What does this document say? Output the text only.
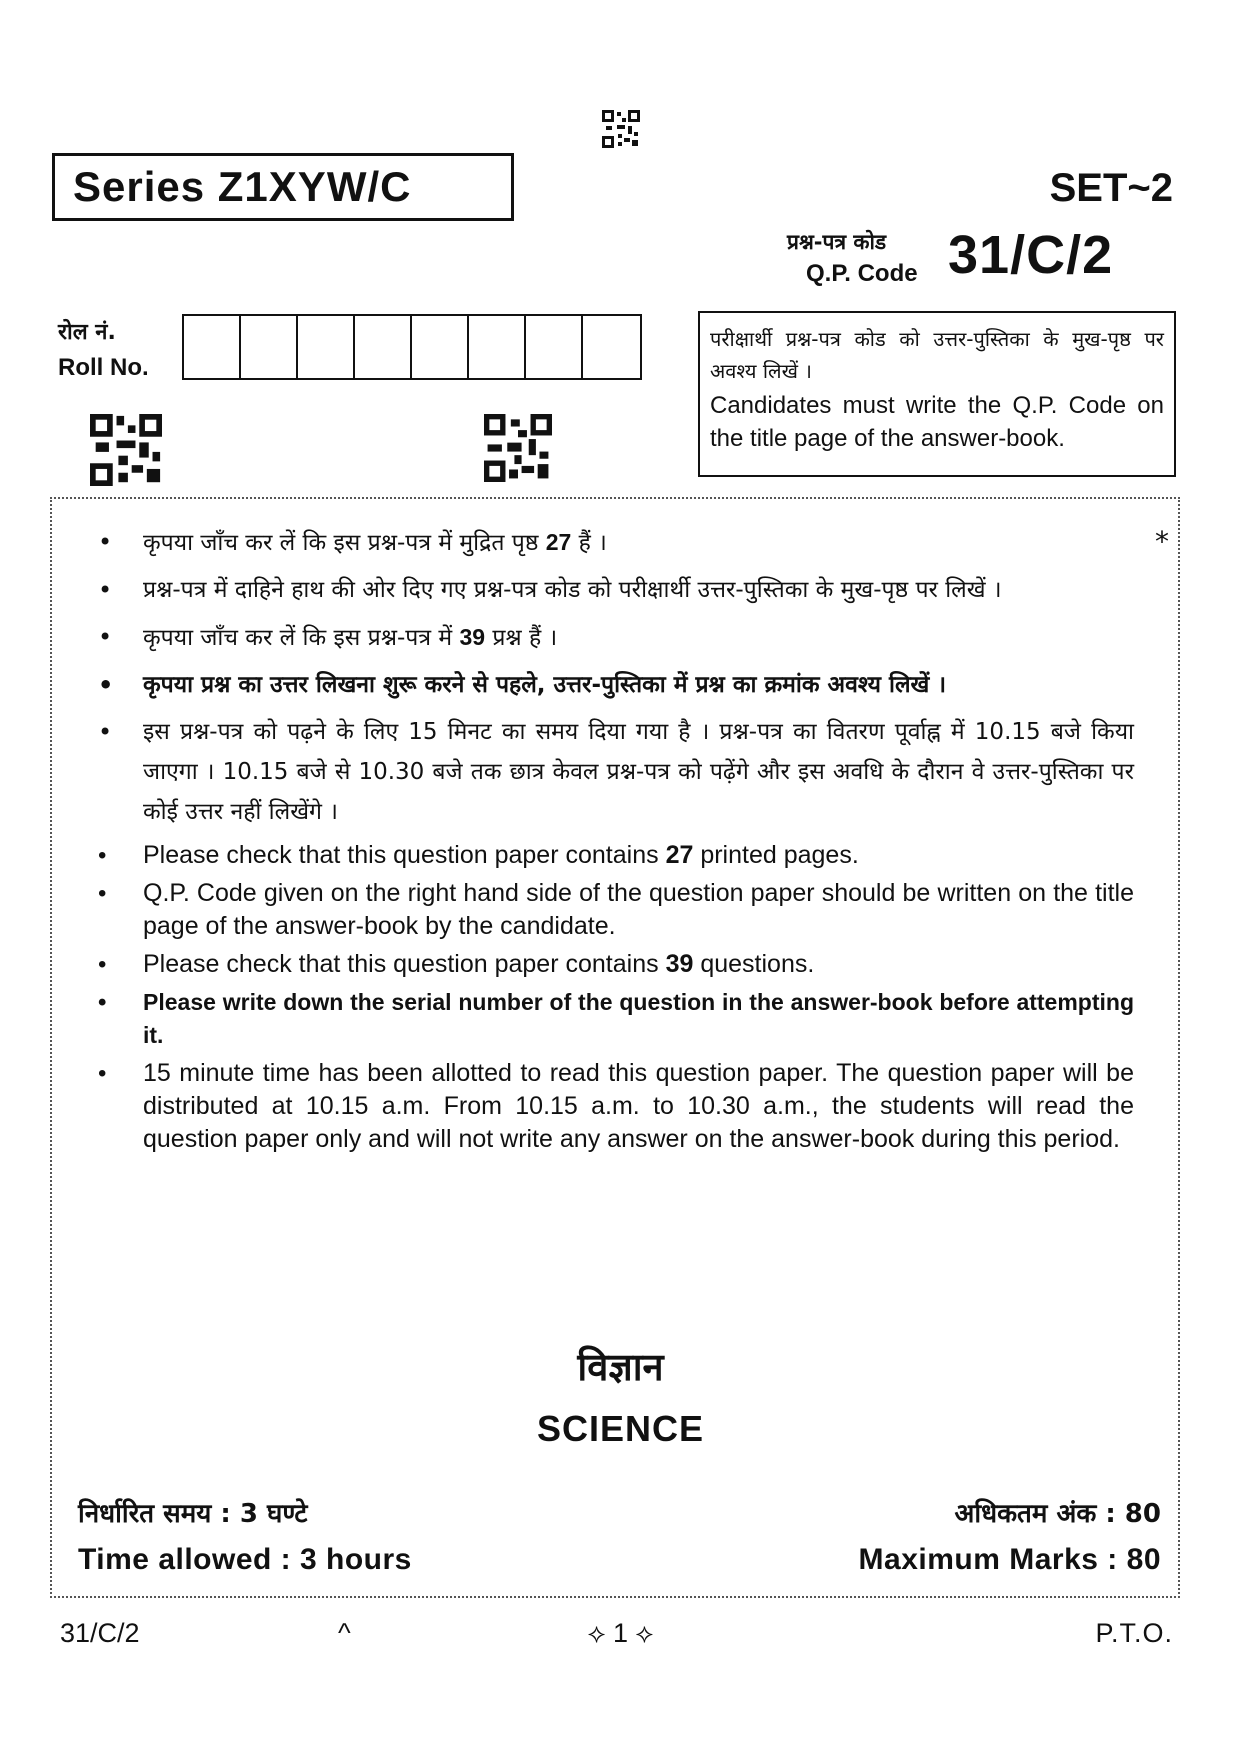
Series Z1XYW/C	SET~2
प्रश्न-पत्र कोड
Q.P. Code 31/C/2
रोल नं.
Roll No.
परीक्षार्थी प्रश्न-पत्र कोड को उत्तर-पुस्तिका के मुख-पृष्ठ पर अवश्य लिखें ।
Candidates must write the Q.P. Code on the title page of the answer-book.
*
• कृपया जाँच कर लें कि इस प्रश्न-पत्र में मुद्रित पृष्ठ 27 हैं ।
• प्रश्न-पत्र में दाहिने हाथ की ओर दिए गए प्रश्न-पत्र कोड को परीक्षार्थी उत्तर-पुस्तिका के मुख-पृष्ठ पर लिखें ।
• कृपया जाँच कर लें कि इस प्रश्न-पत्र में 39 प्रश्न हैं ।
• कृपया प्रश्न का उत्तर लिखना शुरू करने से पहले, उत्तर-पुस्तिका में प्रश्न का क्रमांक अवश्य लिखें ।
• इस प्रश्न-पत्र को पढ़ने के लिए 15 मिनट का समय दिया गया है । प्रश्न-पत्र का वितरण पूर्वाह्न में 10.15 बजे किया जाएगा । 10.15 बजे से 10.30 बजे तक छात्र केवल प्रश्न-पत्र को पढ़ेंगे और इस अवधि के दौरान वे उत्तर-पुस्तिका पर कोई उत्तर नहीं लिखेंगे ।
• Please check that this question paper contains 27 printed pages.
• Q.P. Code given on the right hand side of the question paper should be written on the title page of the answer-book by the candidate.
• Please check that this question paper contains 39 questions.
• Please write down the serial number of the question in the answer-book before attempting it.
• 15 minute time has been allotted to read this question paper. The question paper will be distributed at 10.15 a.m. From 10.15 a.m. to 10.30 a.m., the students will read the question paper only and will not write any answer on the answer-book during this period.
विज्ञान
SCIENCE
निर्धारित समय : 3 घण्टे	अधिकतम अंक : 80
Time allowed : 3 hours	Maximum Marks : 80
31/C/2	^	⟡ 1 ⟡	P.T.O.
